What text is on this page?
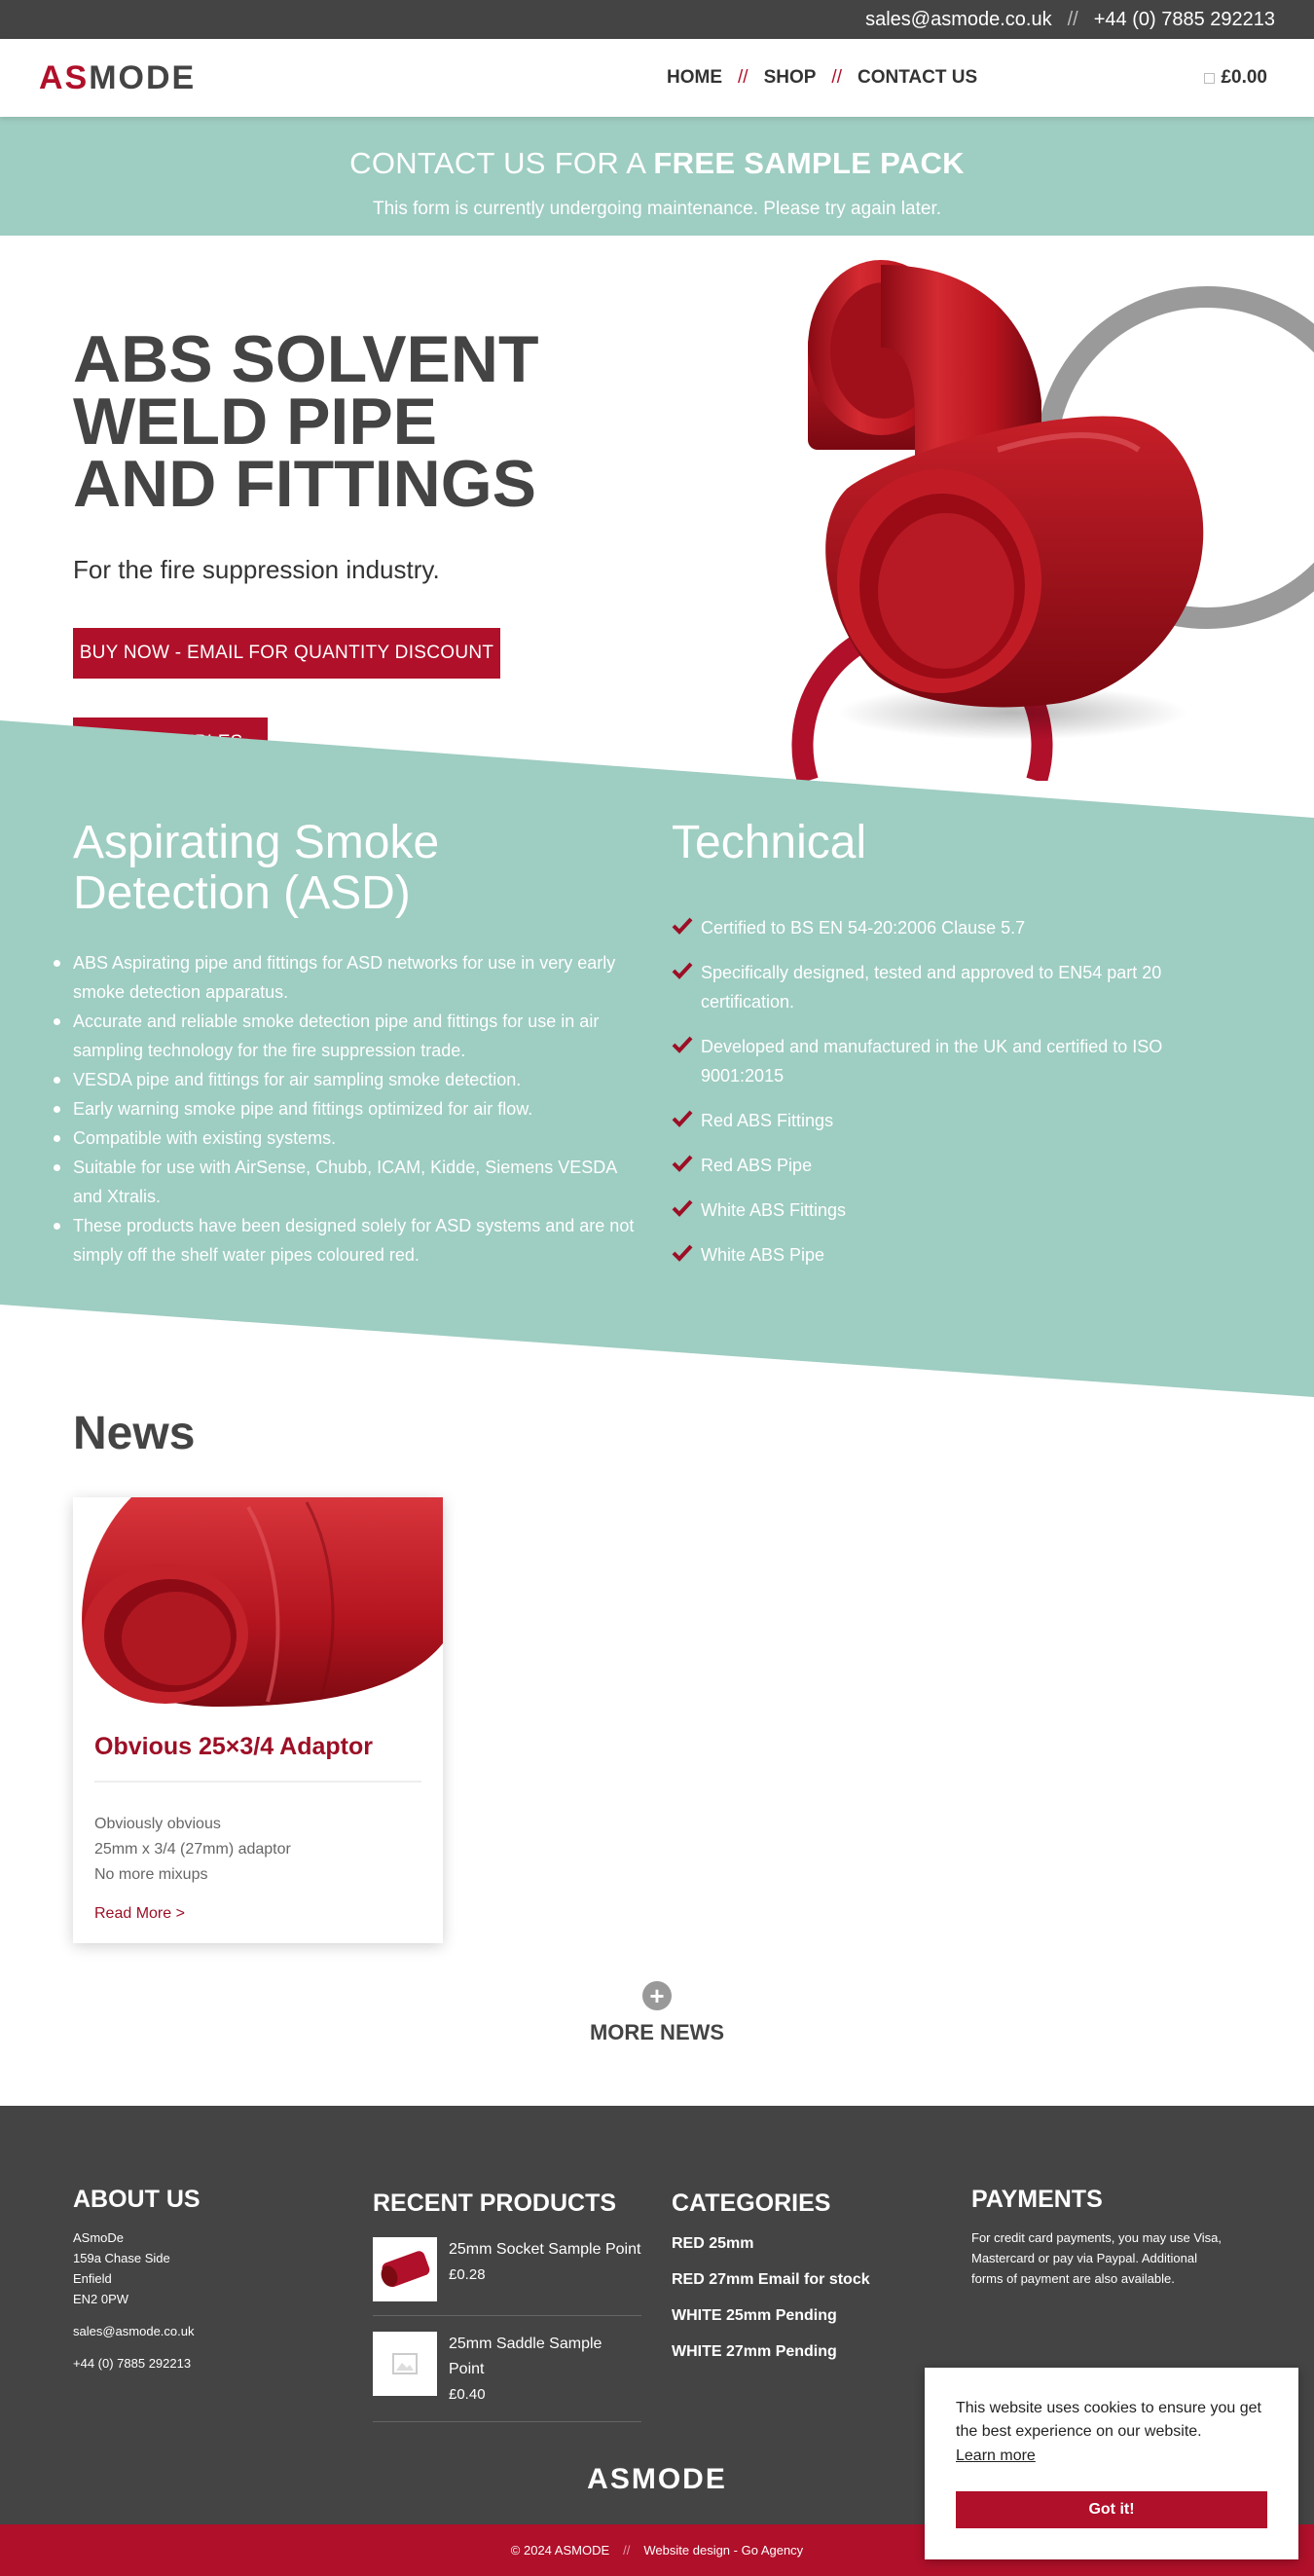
sales@asmode.co.uk // +44 (0) 7885 292213
AS MODE	HOME // SHOP // CONTACT US	£0.00
CONTACT US FOR A FREE SAMPLE PACK

This form is currently undergoing maintenance. Please try again later.

ABS SOLVENT
WELD PIPE
AND FITTINGS

For the fire suppression industry.

BUY NOW - EMAIL FOR QUANTITY DISCOUNT
Aspirating Smoke Detection (ASD)
ABS Aspirating pipe and fittings for ASD networks for use in very early smoke detection apparatus.
Accurate and reliable smoke detection pipe and fittings for use in air sampling technology for the fire suppression trade.
VESDA pipe and fittings for air sampling smoke detection.
Early warning smoke pipe and fittings optimized for air flow.
Compatible with existing systems.
Suitable for use with AirSense, Chubb, ICAM, Kidde, Siemens VESDA and Xtralis.
These products have been designed solely for ASD systems and are not simply off the shelf water pipes coloured red.
Technical
Certified to BS EN 54-20:2006 Clause 5.7
Specifically designed, tested and approved to EN54 part 20 certification.
Developed and manufactured in the UK and certified to ISO 9001:2015
Red ABS Fittings
Red ABS Pipe
White ABS Fittings
White ABS Pipe
News
Obvious 25×3/4 Adaptor
Obviously obvious
25mm x 3/4 (27mm) adaptor
No more mixups
Read More >
+
MORE NEWS
ABOUT US

ASmoDe
159a Chase Side
Enfield
EN2 0PW

sales@asmode.co.uk

+44 (0) 7885 292213

RECENT PRODUCTS
25mm Socket Sample Point
£0.28
25mm Saddle Sample Point
£0.40
CATEGORIES
RED 25mm
RED 27mm Email for stock
WHITE 25mm Pending
WHITE 27mm Pending
PAYMENTS

For credit card payments, you may use Visa, Mastercard or pay via Paypal. Additional forms of payment are also available.

ASMODE
© 2024 ASMODE // Website design - Go Agency

This website uses cookies to ensure you get the best experience on our website.

Learn more
Got it!
